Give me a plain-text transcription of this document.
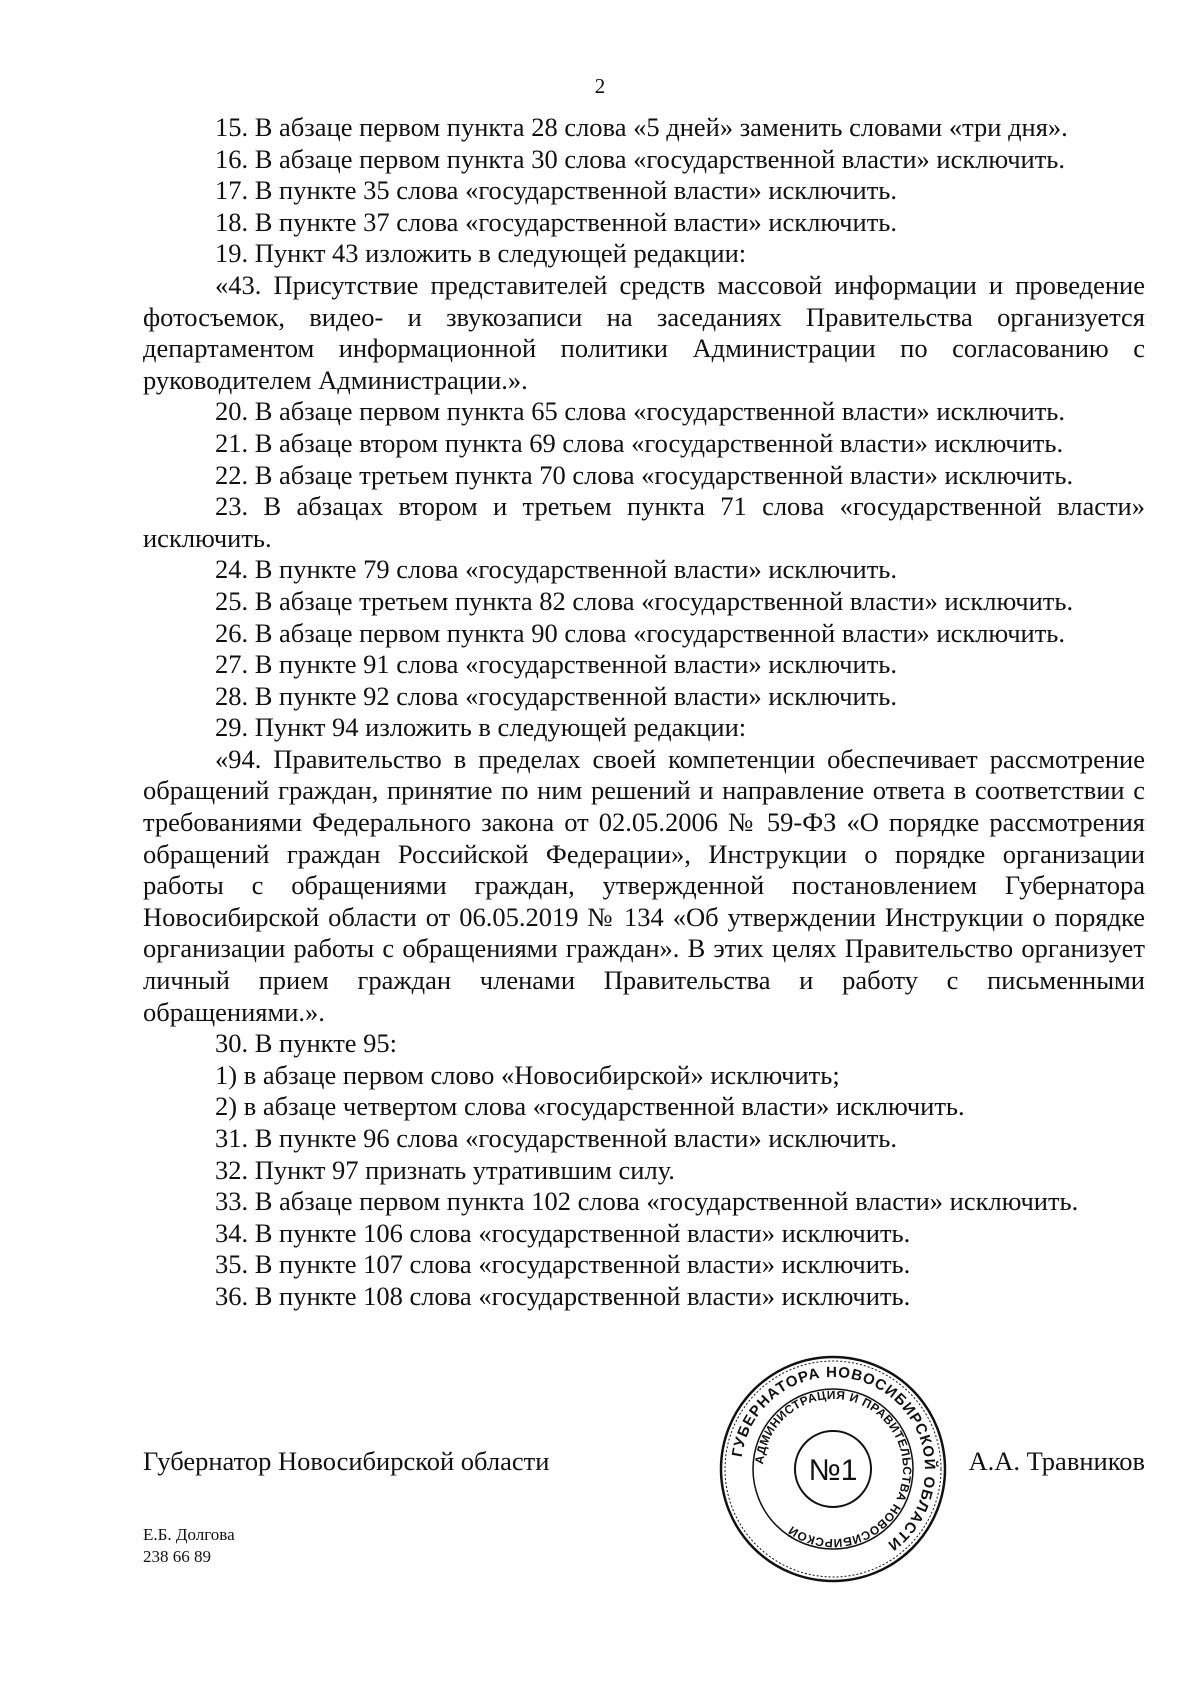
2

15. В абзаце первом пункта 28 слова «5 дней» заменить словами «три дня».

16. В абзаце первом пункта 30 слова «государственной власти» исключить.

17. В пункте 35 слова «государственной власти» исключить.

18. В пункте 37 слова «государственной власти» исключить.

19. Пункт 43 изложить в следующей редакции:

«43. Присутствие представителей средств массовой информации и проведение фотосъемок, видео- и звукозаписи на заседаниях Правительства организуется департаментом информационной политики Администрации по согласованию с руководителем Администрации.».

20. В абзаце первом пункта 65 слова «государственной власти» исключить.

21. В абзаце втором пункта 69 слова «государственной власти» исключить.

22. В абзаце третьем пункта 70 слова «государственной власти» исключить.

23. В абзацах втором и третьем пункта 71 слова «государственной власти» исключить.

24. В пункте 79 слова «государственной власти» исключить.

25. В абзаце третьем пункта 82 слова «государственной власти» исключить.

26. В абзаце первом пункта 90 слова «государственной власти» исключить.

27. В пункте 91 слова «государственной власти» исключить.

28. В пункте 92 слова «государственной власти» исключить.

29. Пункт 94 изложить в следующей редакции:

«94. Правительство в пределах своей компетенции обеспечивает рассмотрение обращений граждан, принятие по ним решений и направление ответа в соответствии с требованиями Федерального закона от 02.05.2006 № 59-ФЗ «О порядке рассмотрения обращений граждан Российской Федерации», Инструкции о порядке организации работы с обращениями граждан, утвержденной постановлением Губернатора Новосибирской области от 06.05.2019 № 134 «Об утверждении Инструкции о порядке организации работы с обращениями граждан». В этих целях Правительство организует личный прием граждан членами Правительства и работу с письменными обращениями.».

30. В пункте 95:

1) в абзаце первом слово «Новосибирской» исключить;

2) в абзаце четвертом слова «государственной власти» исключить.

31. В пункте 96 слова «государственной власти» исключить.

32. Пункт 97 признать утратившим силу.

33. В абзаце первом пункта 102 слова «государственной власти» исключить.

34. В пункте 106 слова «государственной власти» исключить.

35. В пункте 107 слова «государственной власти» исключить.

36. В пункте 108 слова «государственной власти» исключить.

Губернатор Новосибирской области	А.А. Травников
ГУБЕРНАТОРА НОВОСИБИРСКОЙ ОБЛАСТИ
АДМИНИСТРАЦИЯ И ПРАВИТЕЛЬСТВА НОВОСИБИРСКОЙ
№1
Е.Б. Долгова
238 66 89
